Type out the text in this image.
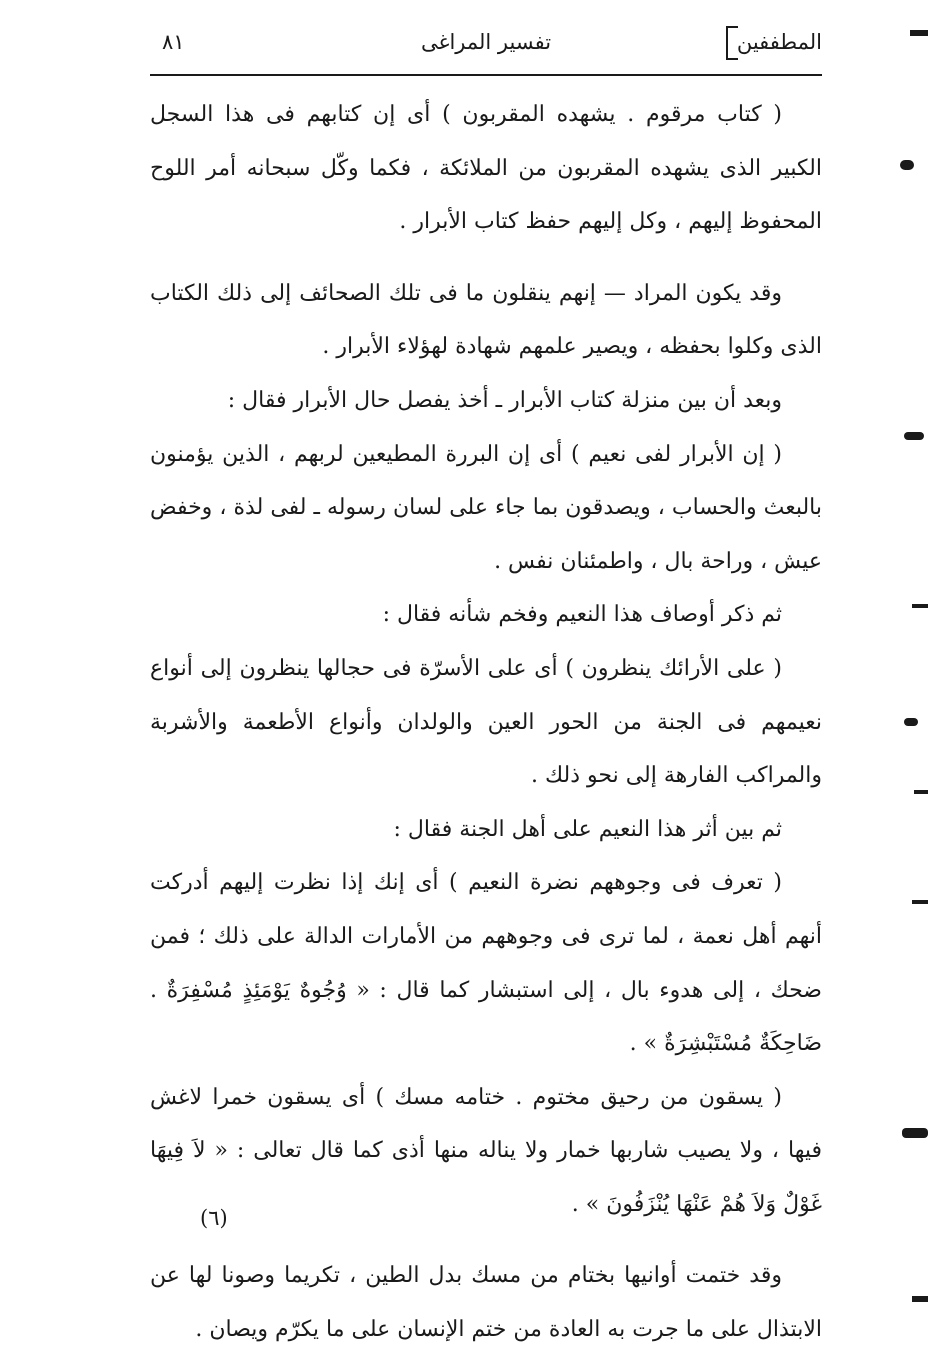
المطففين
تفسير المراغى
٨١

( كتاب مرقوم . يشهده المقربون ) أى إن كتابهم فى هذا السجل الكبير الذى يشهده المقربون من الملائكة ، فكما وكّل سبحانه أمر اللوح المحفوظ إليهم ، وكل إليهم حفظ كتاب الأبرار .

وقد يكون المراد — إنهم ينقلون ما فى تلك الصحائف إلى ذلك الكتاب الذى وكلوا بحفظه ، ويصير علمهم شهادة لهؤلاء الأبرار .

وبعد أن بين منزلة كتاب الأبرار ـ أخذ يفصل حال الأبرار فقال :

( إن الأبرار لفى نعيم ) أى إن البررة المطيعين لربهم ، الذين يؤمنون بالبعث والحساب ، ويصدقون بما جاء على لسان رسوله ـ لفى لذة ، وخفض عيش ، وراحة بال ، واطمئنان نفس .

ثم ذكر أوصاف هذا النعيم وفخم شأنه فقال :

( على الأرائك ينظرون ) أى على الأسرّة فى حجالها ينظرون إلى أنواع نعيمهم فى الجنة من الحور العين والولدان وأنواع الأطعمة والأشربة والمراكب الفارهة إلى نحو ذلك .

ثم بين أثر هذا النعيم على أهل الجنة فقال :

( تعرف فى وجوههم نضرة النعيم ) أى إنك إذا نظرت إليهم أدركت أنهم أهل نعمة ، لما ترى فى وجوههم من الأمارات الدالة على ذلك ؛ فمن ضحك ، إلى هدوء بال ، إلى استبشار كما قال : « وُجُوهٌ يَوْمَئِذٍ مُسْفِرَةٌ . ضَاحِكَةٌ مُسْتَبْشِرَةٌ » .

( يسقون من رحيق مختوم . ختامه مسك ) أى يسقون خمرا لاغش فيها ، ولا يصيب شاربها خمار ولا يناله منها أذى كما قال تعالى : « لاَ فِيهَا غَوْلٌ وَلاَ هُمْ عَنْهَا يُنْزَفُونَ » .

وقد ختمت أوانيها بختام من مسك بدل الطين ، تكريما وصونا لها عن الابتذال على ما جرت به العادة من ختم الإنسان على ما يكرّم ويصان .

(٦)
